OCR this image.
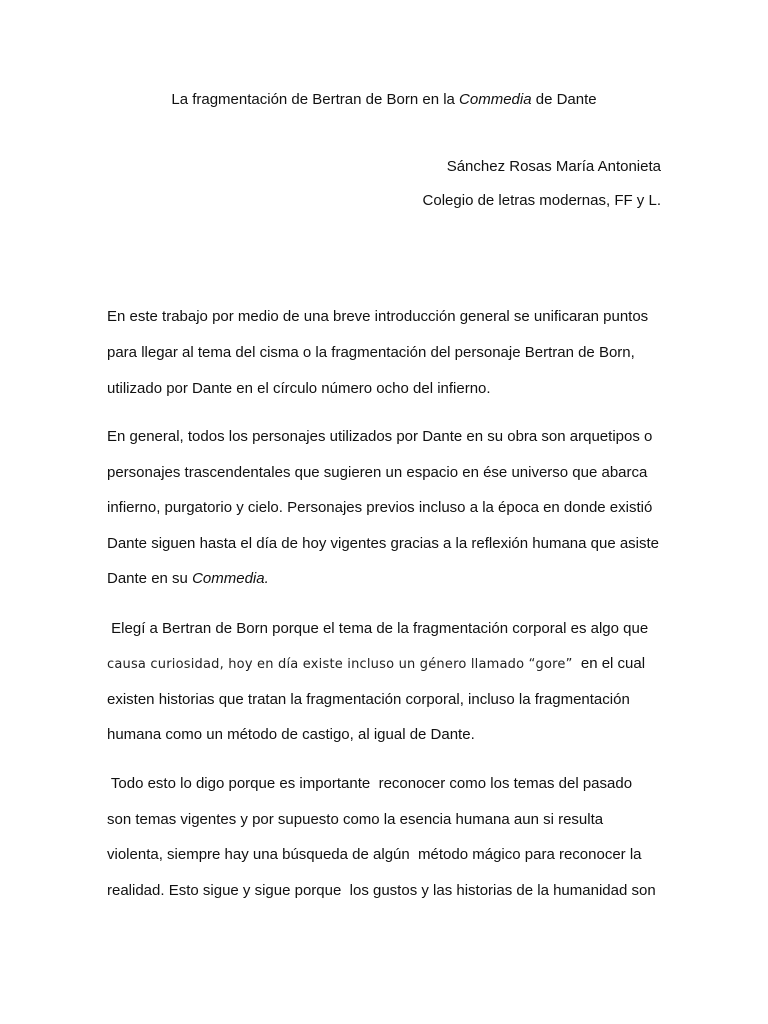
La fragmentación de Bertran de Born en la Commedia de Dante
Sánchez Rosas María Antonieta
Colegio de letras modernas, FF y L.
En este trabajo por medio de una breve introducción general se unificaran puntos
para llegar al tema del cisma o la fragmentación del personaje Bertran de Born,
utilizado por Dante en el círculo número ocho del infierno.
En general, todos los personajes utilizados por Dante en su obra son arquetipos o
personajes trascendentales que sugieren un espacio en ése universo que abarca
infierno, purgatorio y cielo. Personajes previos incluso a la época en donde existió
Dante siguen hasta el día de hoy vigentes gracias a la reflexión humana que asiste
Dante en su Commedia.
Elegí a Bertran de Born porque el tema de la fragmentación corporal es algo que
causa curiosidad, hoy en día existe incluso un género llamado “gore”  en el cual
existen historias que tratan la fragmentación corporal, incluso la fragmentación
humana como un método de castigo, al igual de Dante.
Todo esto lo digo porque es importante  reconocer como los temas del pasado
son temas vigentes y por supuesto como la esencia humana aun si resulta
violenta, siempre hay una búsqueda de algún  método mágico para reconocer la
realidad. Esto sigue y sigue porque  los gustos y las historias de la humanidad son
